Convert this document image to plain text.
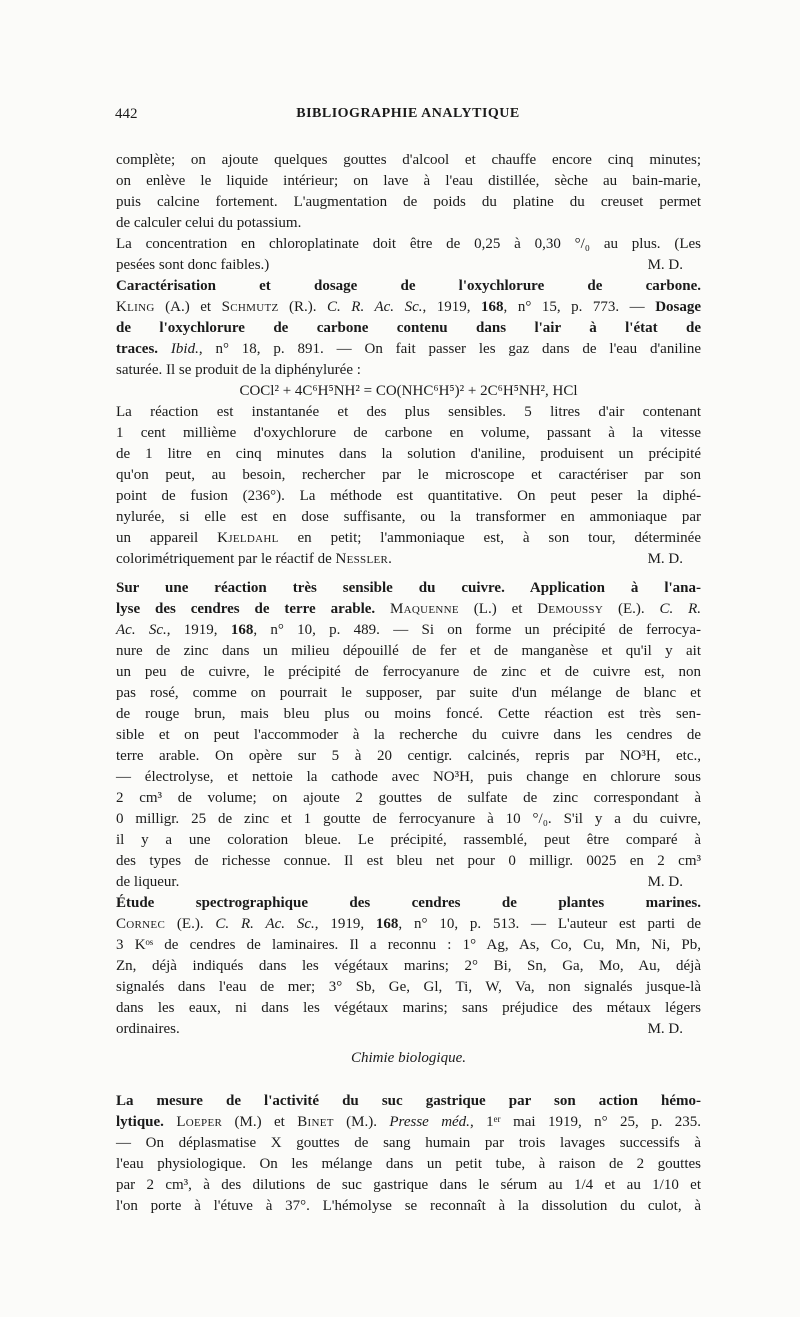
442	BIBLIOGRAPHIE ANALYTIQUE
complète; on ajoute quelques gouttes d'alcool et chauffe encore cinq minutes;
on enlève le liquide intérieur; on lave à l'eau distillée, sèche au bain-marie,
puis calcine fortement. L'augmentation de poids du platine du creuset permet
de calculer celui du potassium.
La concentration en chloroplatinate doit être de 0,25 à 0,30 °/₀ au plus. (Les
pesées sont donc faibles.)	M. D.
Caractérisation et dosage de l'oxychlorure de carbone.
Kling (A.) et Schmutz (R.). C. R. Ac. Sc., 1919, 168, n° 15, p. 773. — Dosage
de l'oxychlorure de carbone contenu dans l'air à l'état de
traces. Ibid., n° 18, p. 891. — On fait passer les gaz dans de l'eau d'aniline
saturée. Il se produit de la diphénylurée :
COCl² + 4C⁶H⁵NH² = CO(NHC⁶H⁵)² + 2C⁶H⁵NH², HCl
La réaction est instantanée et des plus sensibles. 5 litres d'air contenant
1 cent millième d'oxychlorure de carbone en volume, passant à la vitesse
de 1 litre en cinq minutes dans la solution d'aniline, produisent un précipité
qu'on peut, au besoin, rechercher par le microscope et caractériser par son
point de fusion (236°). La méthode est quantitative. On peut peser la diphé-
nylurée, si elle est en dose suffisante, ou la transformer en ammoniaque par
un appareil Kjeldahl en petit; l'ammoniaque est, à son tour, déterminée
colorimétriquement par le réactif de Nessler.	M. D.
Sur une réaction très sensible du cuivre. Application à l'ana-
lyse des cendres de terre arable. Maquenne (L.) et Demoussy (E.). C. R.
Ac. Sc., 1919, 168, n° 10, p. 489. — Si on forme un précipité de ferrocya-
nure de zinc dans un milieu dépouillé de fer et de manganèse et qu'il y ait
un peu de cuivre, le précipité de ferrocyanure de zinc et de cuivre est, non
pas rosé, comme on pourrait le supposer, par suite d'un mélange de blanc et
de rouge brun, mais bleu plus ou moins foncé. Cette réaction est très sen-
sible et on peut l'accommoder à la recherche du cuivre dans les cendres de
terre arable. On opère sur 5 à 20 centigr. calcinés, repris par NO³H, etc.,
— électrolyse, et nettoie la cathode avec NO³H, puis change en chlorure sous
2 cm³ de volume; on ajoute 2 gouttes de sulfate de zinc correspondant à
0 milligr. 25 de zinc et 1 goutte de ferrocyanure à 10 °/₀. S'il y a du cuivre,
il y a une coloration bleue. Le précipité, rassemblé, peut être comparé à
des types de richesse connue. Il est bleu net pour 0 milligr. 0025 en 2 cm³
de liqueur.	M. D.
Étude spectrographique des cendres de plantes marines.
Cornec (E.). C. R. Ac. Sc., 1919, 168, n° 10, p. 513. — L'auteur est parti de
3 Kᵒˢ de cendres de laminaires. Il a reconnu : 1° Ag, As, Co, Cu, Mn, Ni, Pb,
Zn, déjà indiqués dans les végétaux marins; 2° Bi, Sn, Ga, Mo, Au, déjà
signalés dans l'eau de mer; 3° Sb, Ge, Gl, Ti, W, Va, non signalés jusque-là
dans les eaux, ni dans les végétaux marins; sans préjudice des métaux légers
ordinaires.	M. D.
Chimie biologique.
La mesure de l'activité du suc gastrique par son action hémo-
lytique. Loeper (M.) et Binet (M.). Presse méd., 1ᵉʳ mai 1919, n° 25, p. 235.
— On déplasmatise X gouttes de sang humain par trois lavages successifs à
l'eau physiologique. On les mélange dans un petit tube, à raison de 2 gouttes
par 2 cm³, à des dilutions de suc gastrique dans le sérum au 1/4 et au 1/10 et
l'on porte à l'étuve à 37°. L'hémolyse se reconnaît à la dissolution du culot, à
